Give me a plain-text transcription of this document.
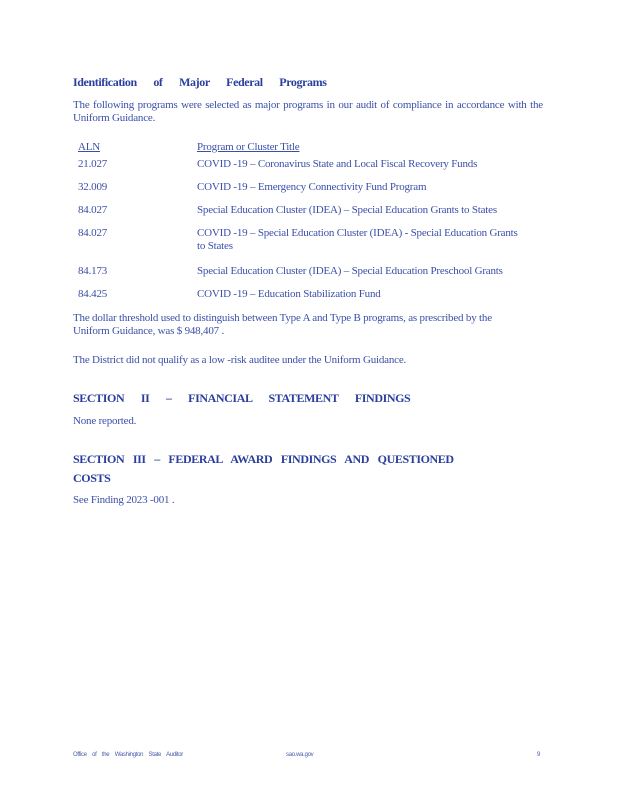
Identification of Major Federal Programs
The following programs were selected as major programs in our audit of compliance in accordance with the Uniform Guidance.
ALN	Program or Cluster Title
21.027	COVID -19 – Coronavirus State and Local Fiscal Recovery Funds
32.009	COVID -19 – Emergency Connectivity Fund Program
84.027	Special Education Cluster (IDEA) – Special Education Grants to States
84.027	COVID -19 – Special Education Cluster (IDEA) - Special Education Grants to States
84.173	Special Education Cluster (IDEA) – Special Education Preschool Grants
84.425	COVID -19 – Education Stabilization Fund
The dollar threshold used to distinguish between Type A and Type B programs, as prescribed by the Uniform Guidance, was $ 948,407 .
The District did not qualify as a low -risk auditee under the Uniform Guidance.
SECTION II – FINANCIAL STATEMENT FINDINGS
None reported.
SECTION III – FEDERAL AWARD FINDINGS AND QUESTIONED
COSTS
See Finding 2023 -001 .
Office of the Washington State Auditor	sao.wa.gov	9
